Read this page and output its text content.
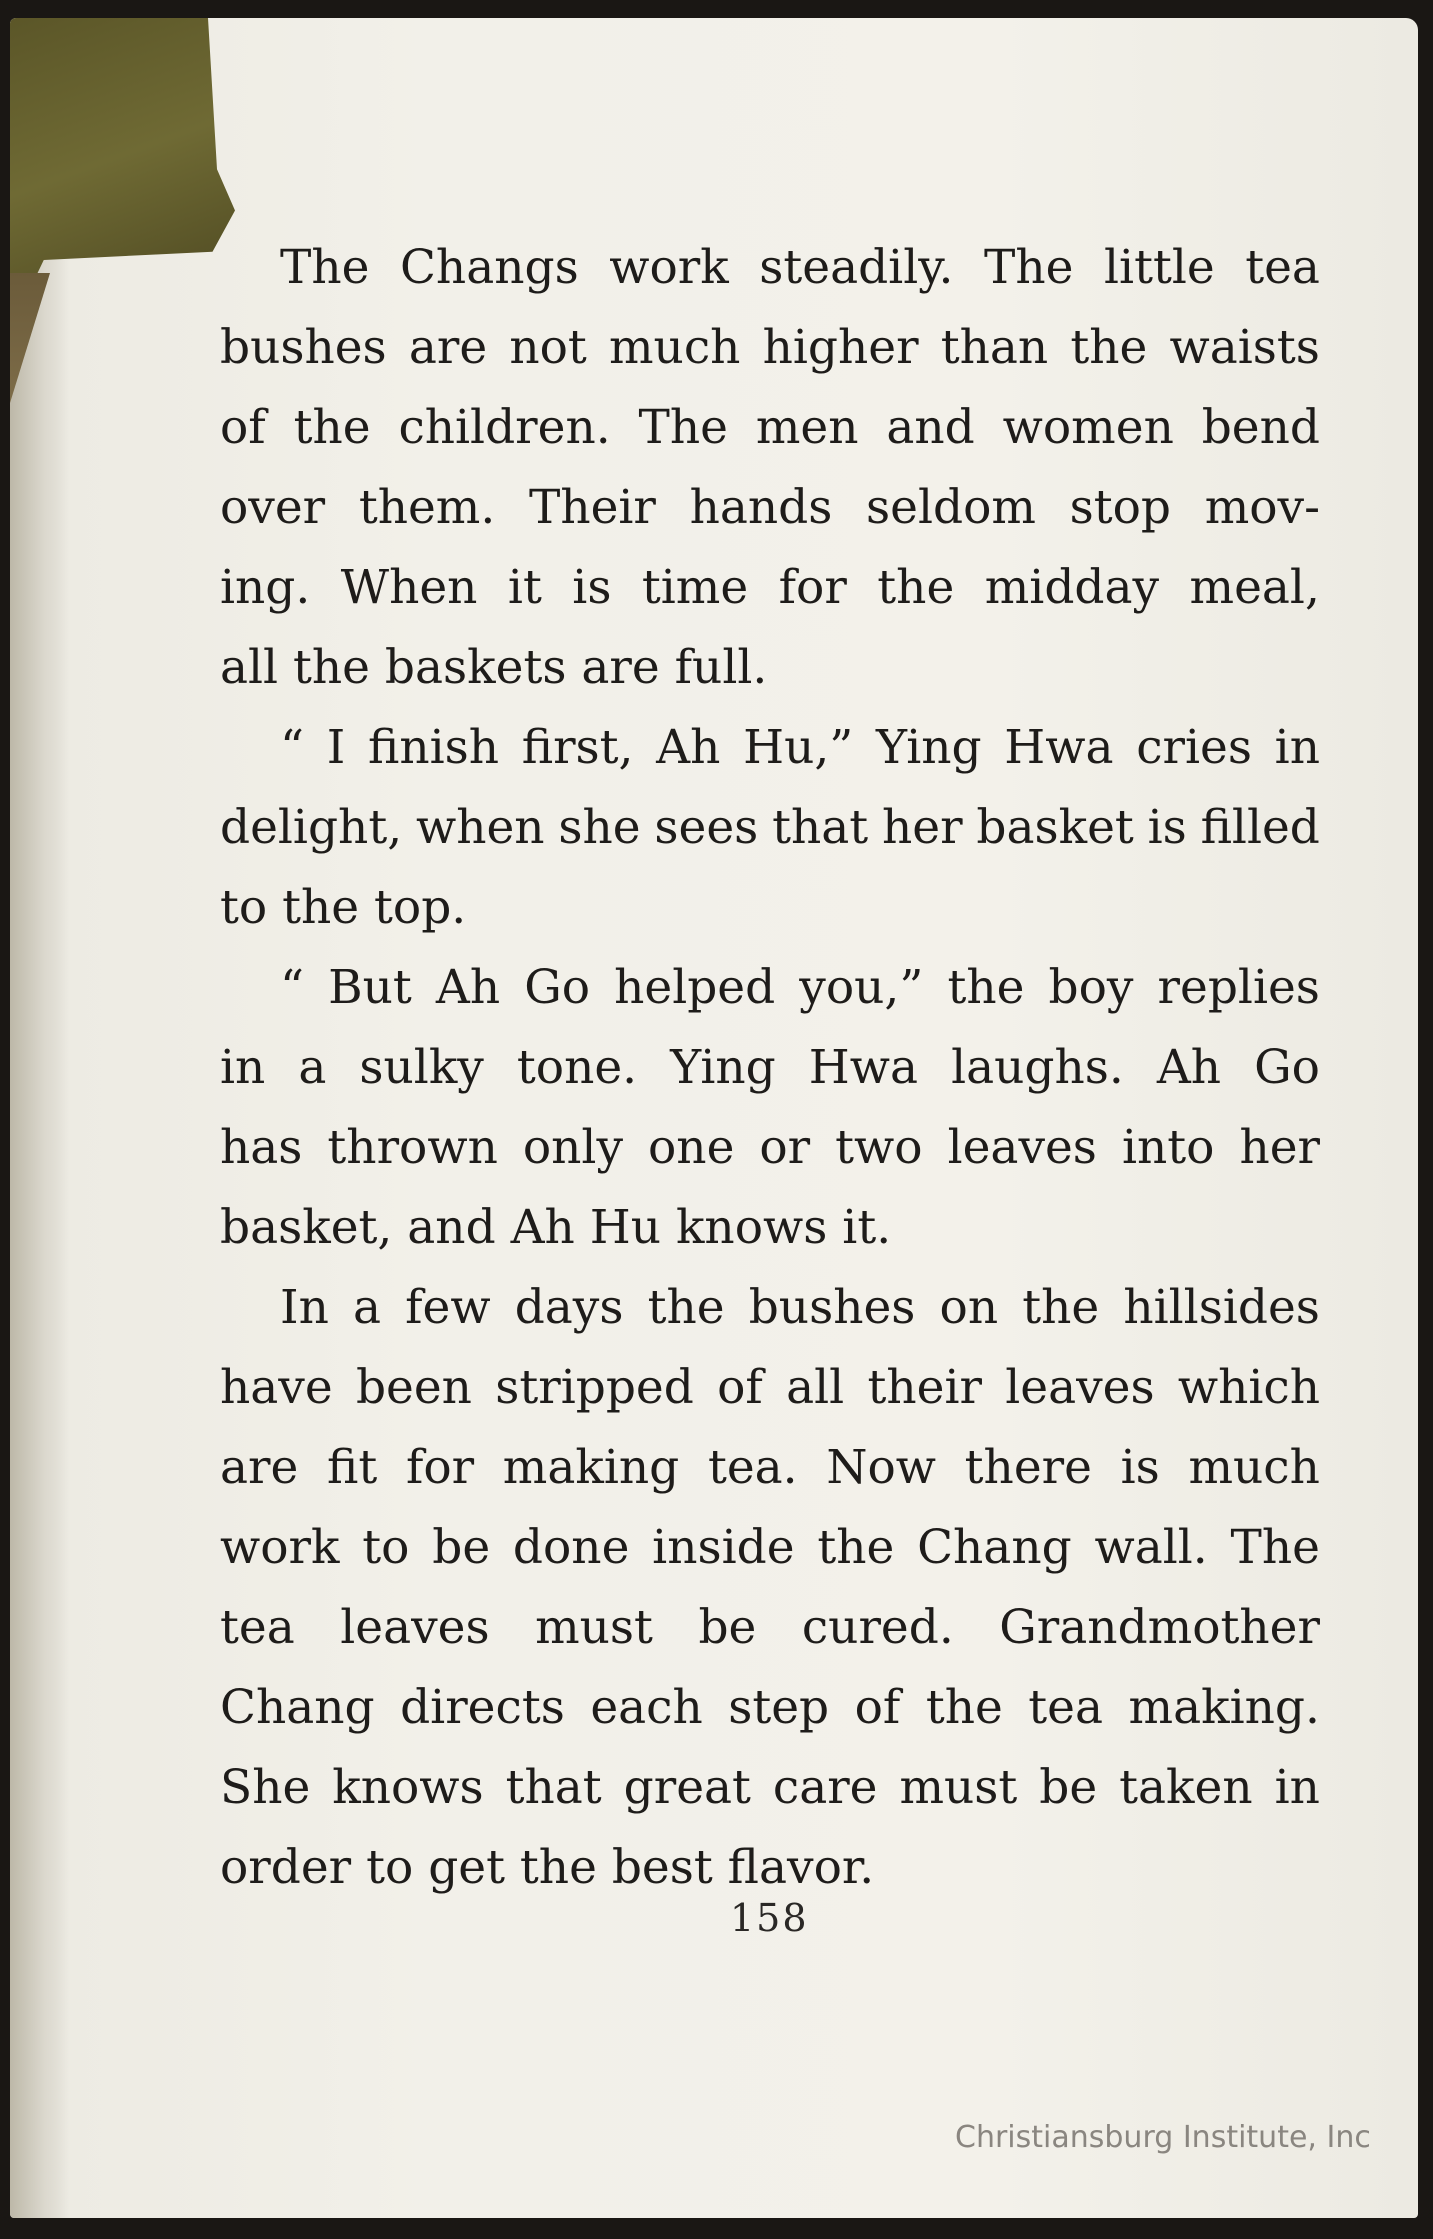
The Changs work steadily. The little tea
bushes are not much higher than the waists
of the children. The men and women bend
over them. Their hands seldom stop mov-
ing. When it is time for the midday meal,
all the baskets are full.
“ I finish first, Ah Hu,” Ying Hwa cries in
delight, when she sees that her basket is filled
to the top.
“ But Ah Go helped you,” the boy replies
in a sulky tone. Ying Hwa laughs. Ah Go
has thrown only one or two leaves into her
basket, and Ah Hu knows it.
In a few days the bushes on the hillsides
have been stripped of all their leaves which
are fit for making tea. Now there is much
work to be done inside the Chang wall. The
tea leaves must be cured. Grandmother
Chang directs each step of the tea making.
She knows that great care must be taken in
order to get the best flavor.
158
Christiansburg Institute, Inc
